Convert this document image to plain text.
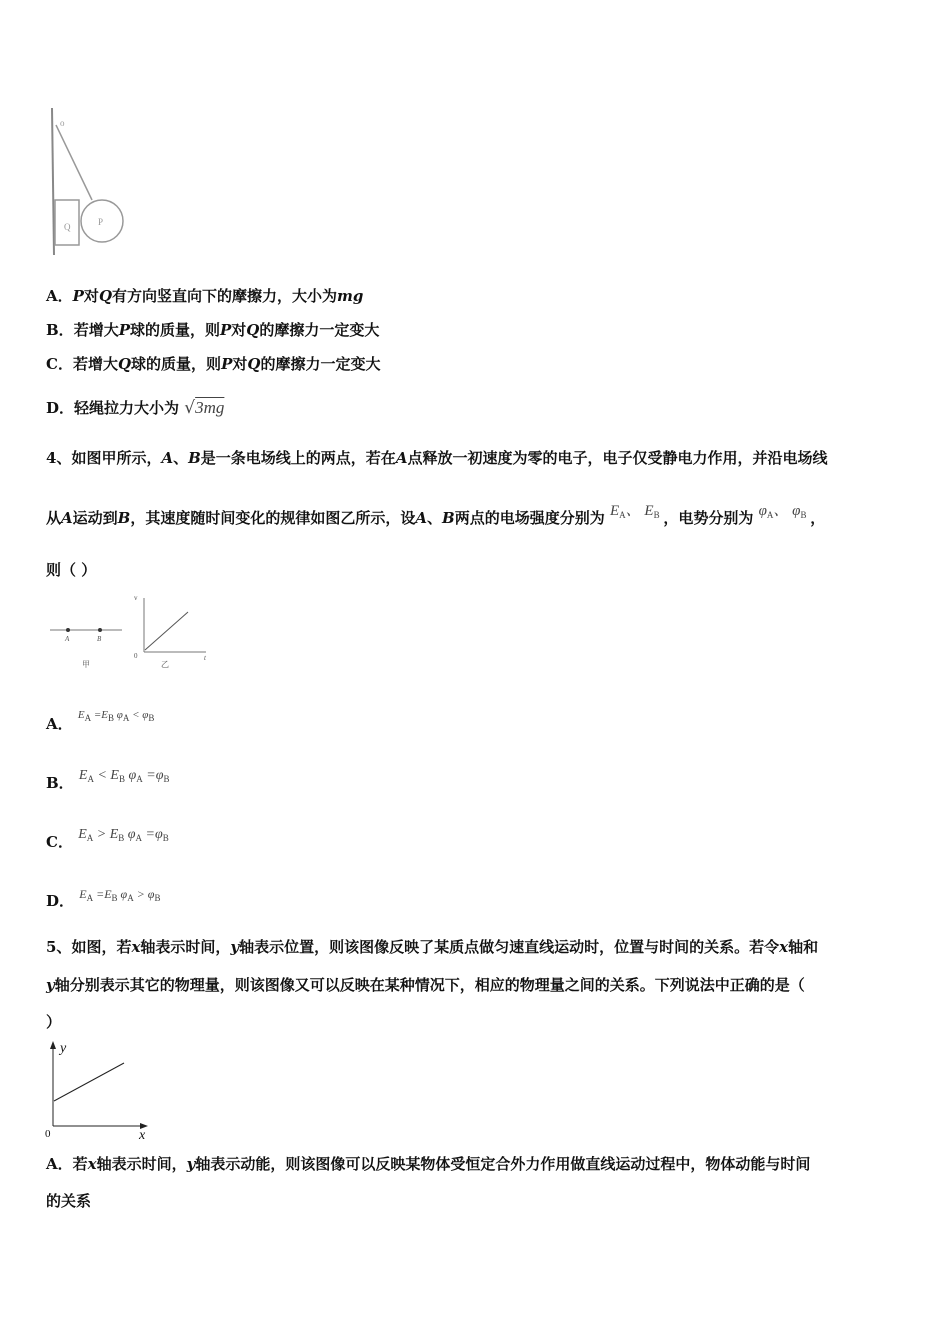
o
Q	P
A．P对Q有方向竖直向下的摩擦力，大小为mg
B．若增大P球的质量，则P对Q的摩擦力一定变大
C．若增大Q球的质量，则P对Q的摩擦力一定变大
D．轻绳拉力大小为 √3mg
4、如图甲所示，A、B是一条电场线上的两点，若在A点释放一初速度为零的电子，电子仅受静电力作用，并沿电场线
从A运动到B，其速度随时间变化的规律如图乙所示，设A、B两点的电场强度分别为 $E_A$、 $E_B$ ，电势分别为 $\varphi_A$、 $\varphi_B$ ，
则（ ）
A	B
甲
v
t
0
乙
A． $^{E_A =E_B \varphi_A < \varphi_B}$
B． $E_A < E_B$ $\varphi_A =\varphi_B$
C． $E_A > E_B$ $\varphi_A =\varphi_B$
D． $^{E_A =E_B \varphi_A > \varphi_B}$
5、如图，若x轴表示时间，y轴表示位置，则该图像反映了某质点做匀速直线运动时，位置与时间的关系。若令x轴和
y轴分别表示其它的物理量，则该图像又可以反映在某种情况下，相应的物理量之间的关系。下列说法中正确的是（
）
y
x
0
A．若x轴表示时间，y轴表示动能，则该图像可以反映某物体受恒定合外力作用做直线运动过程中，物体动能与时间
的关系
